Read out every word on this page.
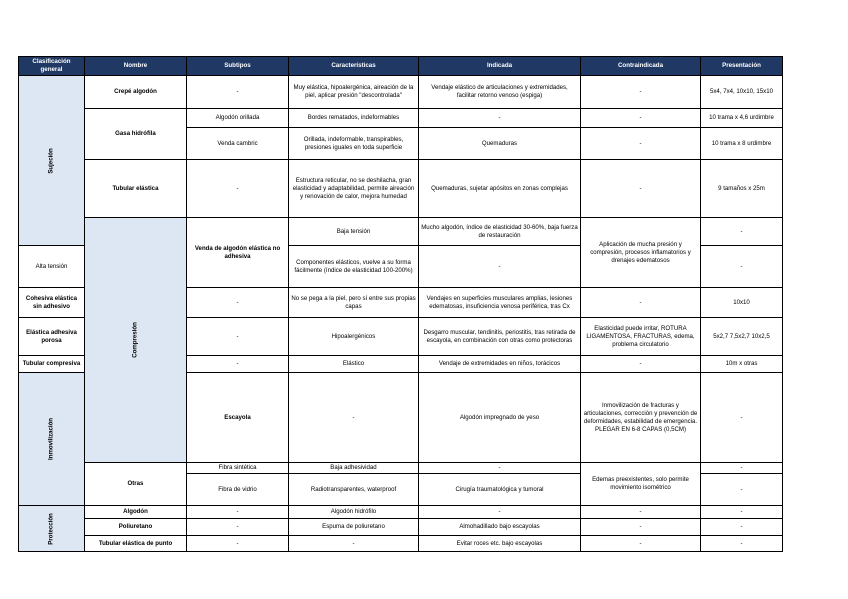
Clasificación general	Nombre	Subtipos	Características	Indicada	Contraindicada	Presentación	

Sujeción	Crepé algodón	-	Muy elástica, hipoalergénica, aireación de la piel, aplicar presión "descontrolada"	Vendaje elástico de articulaciones y extremidades, facilitar retorno venoso (espiga)	-	5x4, 7x4, 10x10, 15x10	
	Gasa hidrófila	Algodón orillada	Bordes rematados, indeformables	-	-	10 trama x 4,6 urdimbre	
		Venda cambric	Orillada, indeformable, transpirables, presiones iguales en toda superficie	Quemaduras	-	10 trama x 8 urdimbre	
	Tubular elástica	-	Estructura reticular, no se deshilacha, gran elasticidad y adaptabilidad, permite aireación y renovación de calor, mejora humedad	Quemaduras, sujetar apósitos en zonas complejas	-	9 tamaños x 25m	

	Compresión	Venda de algodón elástica no adhesiva	Baja tensión	Mucho algodón, índice de elasticidad 30-60%, baja fuerza de restauración	Aplicación de mucha presión y compresión, procesos inflamatorios y drenajes edematosos	-	
Alta tensión			Componentes elásticos, vuelve a su forma fácilmente (índice de elasticidad 100-200%)	-		-	
Cohesiva elástica sin adhesivo		-	No se pega a la piel, pero sí entre sus propias capas	Vendajes en superficies musculares amplias, lesiones edematosas, insuficiencia venosa periférica, tras Cx	-	10x10	
Elástica adhesiva porosa		-	Hipoalergénicos	Desgarro muscular, tendinitis, periostitis, tras retirada de escayola, en combinación con otras como protectoras	Elasticidad puede irritar, ROTURA LIGAMENTOSA, FRACTURAS, edema, problema circulatorio	5x2,7 7,5x2,7 10x2,5	
Tubular compresiva		-	Elástico	Vendaje de extremidades en niños, torácicos	-	10m x otras	

Inmovilización		Escayola	-	Algodón impregnado de yeso	Inmovilización de fracturas y articulaciones, corrección y prevención de deformidades, estabilidad de emergencia. PLEGAR EN 6-8 CAPAS (0,5CM)	-	
	Otras	Fibra sintética	Baja adhesividad	-	Edemas preexistentes, solo permite movimiento isométrico	-	
		Fibra de vidrio	Radiotransparentes, waterproof	Cirugía traumatológica y tumoral		-	

Protección	Algodón	-	Algodón hidrófilo	-	-	-	
	Poliuretano	-	Espuma de poliuretano	Almohadillado bajo escayolas	-	-	
	Tubular elástica de punto	-	-	Evitar roces etc. bajo escayolas	-	-	
